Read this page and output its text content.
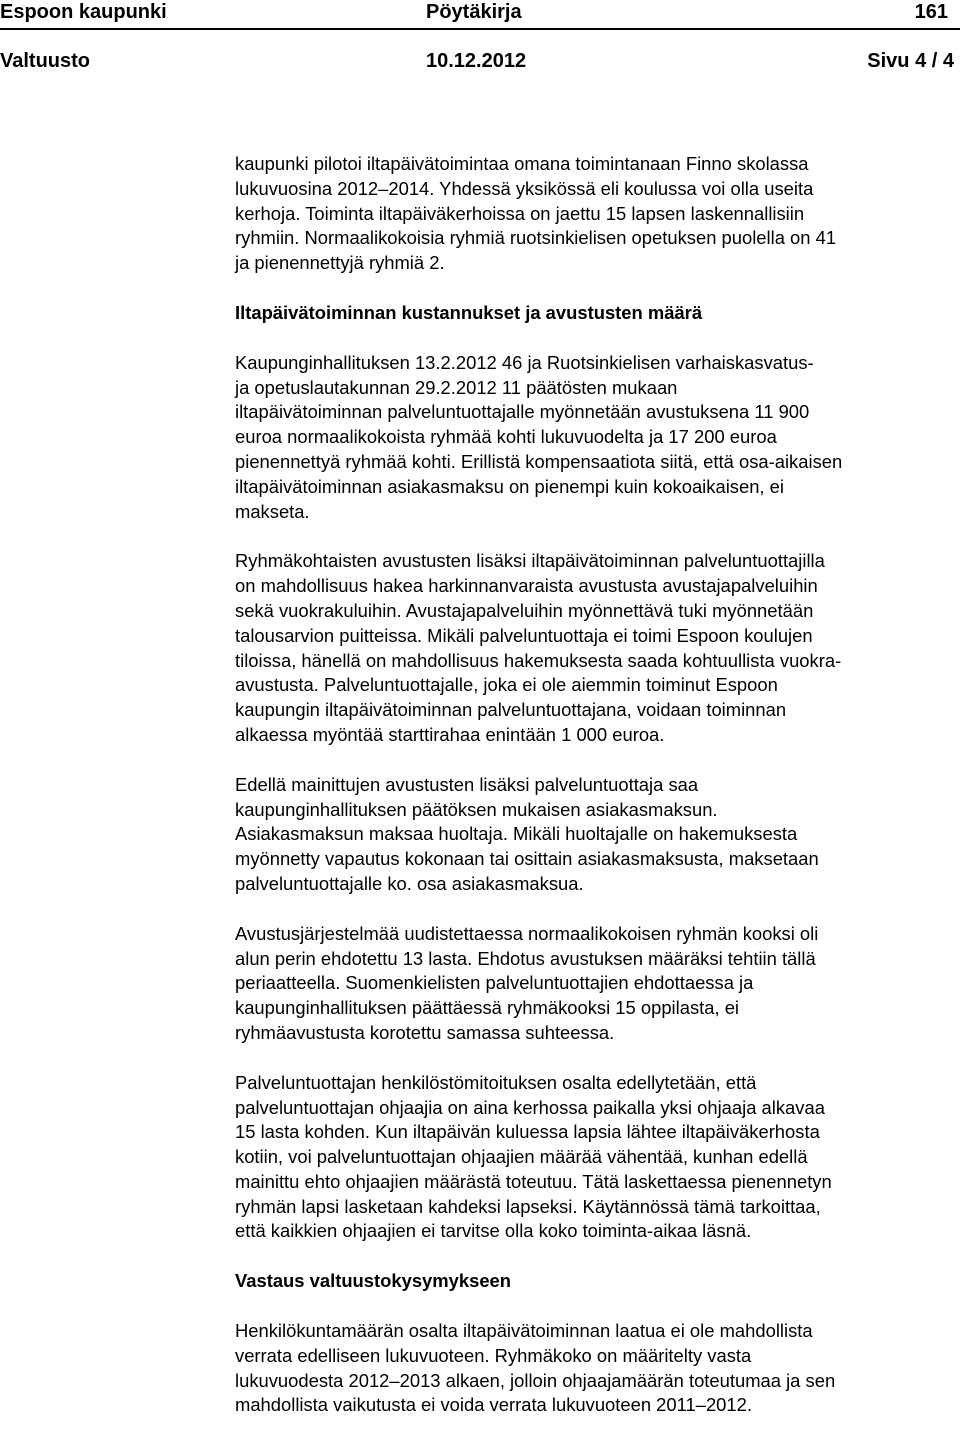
Espoon kaupunki	Pöytäkirja	161
Valtuusto	10.12.2012	Sivu 4 / 4

kaupunki pilotoi iltapäivätoimintaa omana toimintanaan Finno skolassa
lukuvuosina 2012–2014. Yhdessä yksikössä eli koulussa voi olla useita
kerhoja. Toiminta iltapäiväkerhoissa on jaettu 15 lapsen laskennallisiin
ryhmiin. Normaalikokoisia ryhmiä ruotsinkielisen opetuksen puolella on 41
ja pienennettyjä ryhmiä 2.

Iltapäivätoiminnan kustannukset ja avustusten määrä

Kaupunginhallituksen 13.2.2012 46 ja Ruotsinkielisen varhaiskasvatus-
ja opetuslautakunnan 29.2.2012 11 päätösten mukaan
iltapäivätoiminnan palveluntuottajalle myönnetään avustuksena 11 900
euroa normaalikokoista ryhmää kohti lukuvuodelta ja 17 200 euroa
pienennettyä ryhmää kohti. Erillistä kompensaatiota siitä, että osa-aikaisen
iltapäivätoiminnan asiakasmaksu on pienempi kuin kokoaikaisen, ei
makseta.

Ryhmäkohtaisten avustusten lisäksi iltapäivätoiminnan palveluntuottajilla
on mahdollisuus hakea harkinnanvaraista avustusta avustajapalveluihin
sekä vuokrakuluihin. Avustajapalveluihin myönnettävä tuki myönnetään
talousarvion puitteissa. Mikäli palveluntuottaja ei toimi Espoon koulujen
tiloissa, hänellä on mahdollisuus hakemuksesta saada kohtuullista vuokra-
avustusta. Palveluntuottajalle, joka ei ole aiemmin toiminut Espoon
kaupungin iltapäivätoiminnan palveluntuottajana, voidaan toiminnan
alkaessa myöntää starttirahaa enintään 1 000 euroa.

Edellä mainittujen avustusten lisäksi palveluntuottaja saa
kaupunginhallituksen päätöksen mukaisen asiakasmaksun.
Asiakasmaksun maksaa huoltaja. Mikäli huoltajalle on hakemuksesta
myönnetty vapautus kokonaan tai osittain asiakasmaksusta, maksetaan
palveluntuottajalle ko. osa asiakasmaksua.

Avustusjärjestelmää uudistettaessa normaalikokoisen ryhmän kooksi oli
alun perin ehdotettu 13 lasta. Ehdotus avustuksen määräksi tehtiin tällä
periaatteella. Suomenkielisten palveluntuottajien ehdottaessa ja
kaupunginhallituksen päättäessä ryhmäkooksi 15 oppilasta, ei
ryhmäavustusta korotettu samassa suhteessa.

Palveluntuottajan henkilöstömitoituksen osalta edellytetään, että
palveluntuottajan ohjaajia on aina kerhossa paikalla yksi ohjaaja alkavaa
15 lasta kohden. Kun iltapäivän kuluessa lapsia lähtee iltapäiväkerhosta
kotiin, voi palveluntuottajan ohjaajien määrää vähentää, kunhan edellä
mainittu ehto ohjaajien määrästä toteutuu. Tätä laskettaessa pienennetyn
ryhmän lapsi lasketaan kahdeksi lapseksi. Käytännössä tämä tarkoittaa,
että kaikkien ohjaajien ei tarvitse olla koko toiminta-aikaa läsnä.

Vastaus valtuustokysymykseen

Henkilökuntamäärän osalta iltapäivätoiminnan laatua ei ole mahdollista
verrata edelliseen lukuvuoteen. Ryhmäkoko on määritelty vasta
lukuvuodesta 2012–2013 alkaen, jolloin ohjaajamäärän toteutumaa ja sen
mahdollista vaikutusta ei voida verrata lukuvuoteen 2011–2012.
